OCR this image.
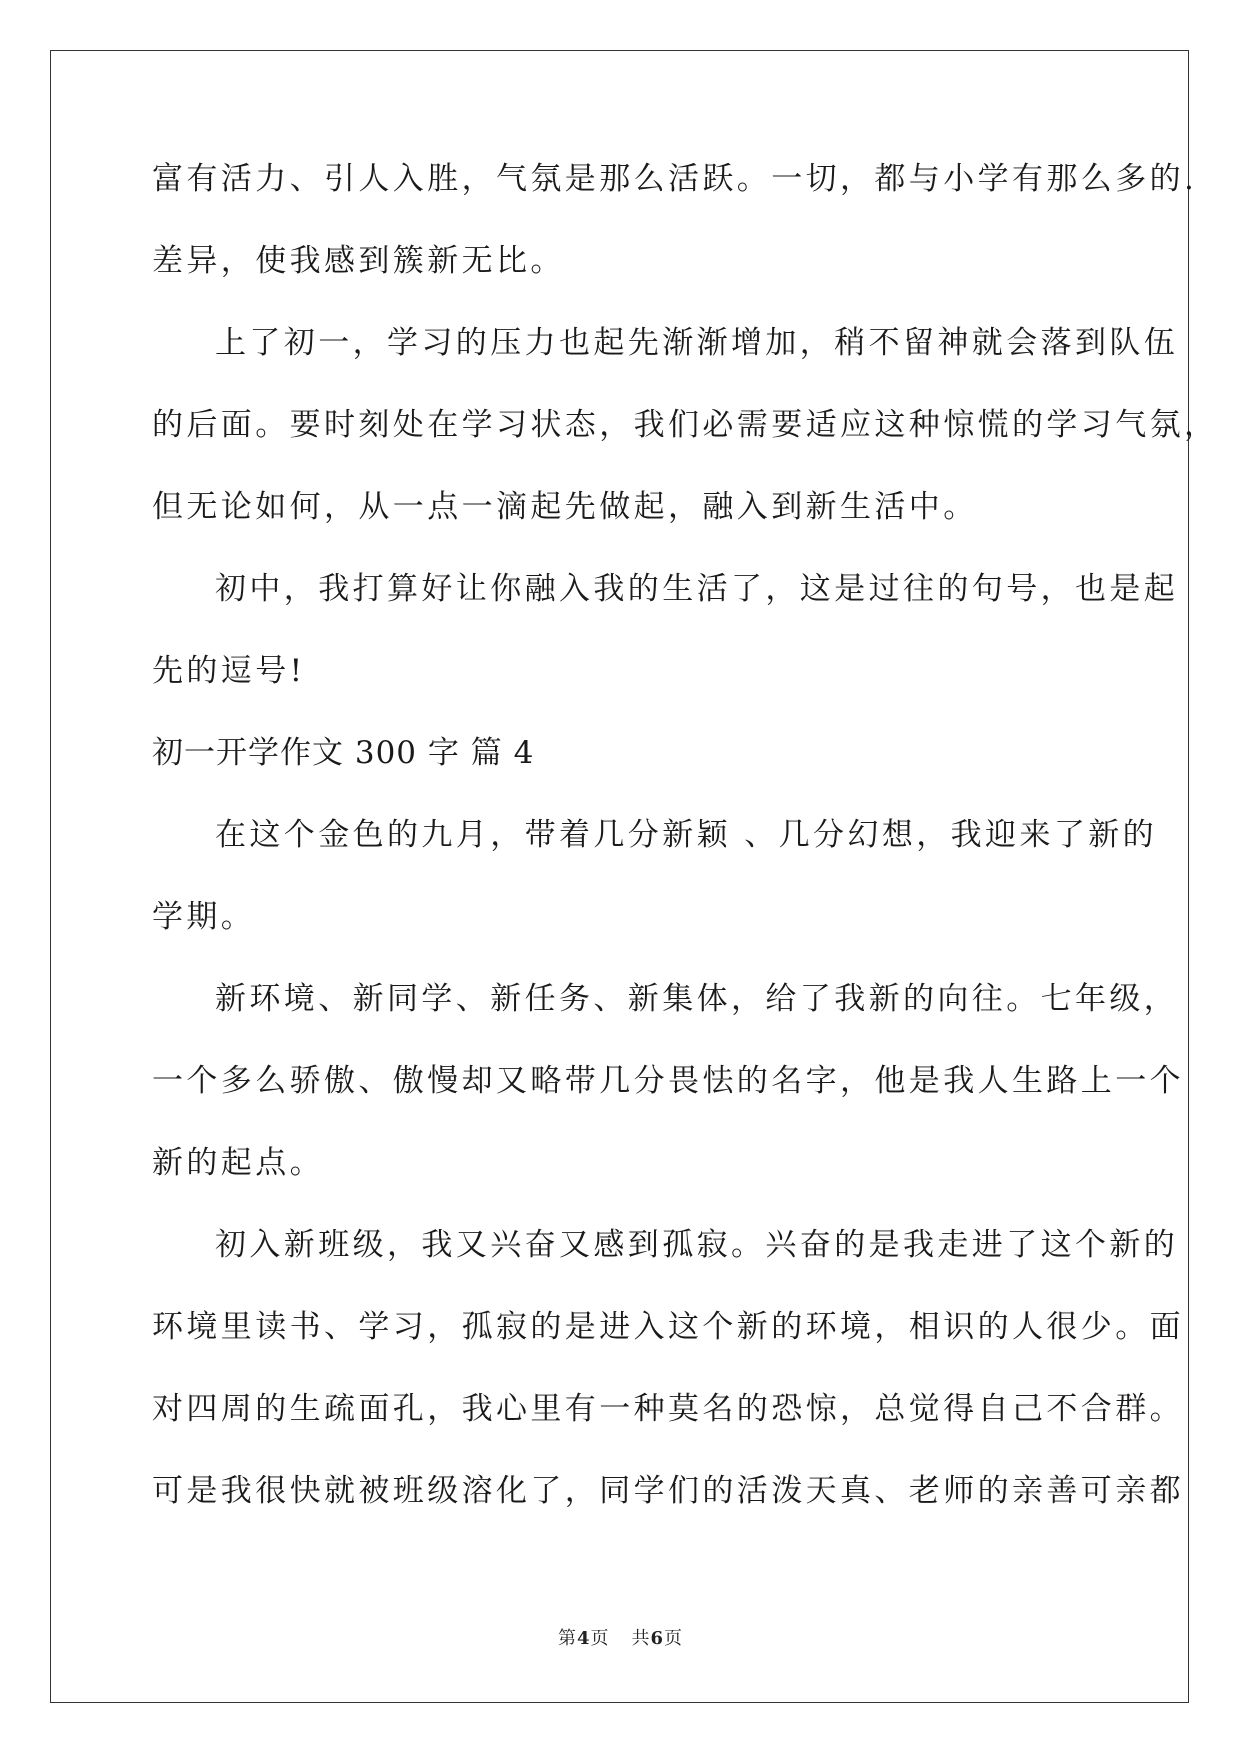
富有活力、引人入胜，气氛是那么活跃。一切，都与小学有那么多的.
差异，使我感到簇新无比。
上了初一，学习的压力也起先渐渐增加，稍不留神就会落到队伍
的后面。要时刻处在学习状态，我们必需要适应这种惊慌的学习气氛，
但无论如何，从一点一滴起先做起，融入到新生活中。
初中，我打算好让你融入我的生活了，这是过往的句号，也是起
先的逗号!
初一开学作文 300 字 篇 4
在这个金色的九月，带着几分新颖 、几分幻想，我迎来了新的
学期。
新环境、新同学、新任务、新集体，给了我新的向往。七年级，
一个多么骄傲、傲慢却又略带几分畏怯的名字，他是我人生路上一个
新的起点。
初入新班级，我又兴奋又感到孤寂。兴奋的是我走进了这个新的
环境里读书、学习，孤寂的是进入这个新的环境，相识的人很少。面
对四周的生疏面孔，我心里有一种莫名的恐惊，总觉得自己不合群。
可是我很快就被班级溶化了，同学们的活泼天真、老师的亲善可亲都
第4页 共6页
